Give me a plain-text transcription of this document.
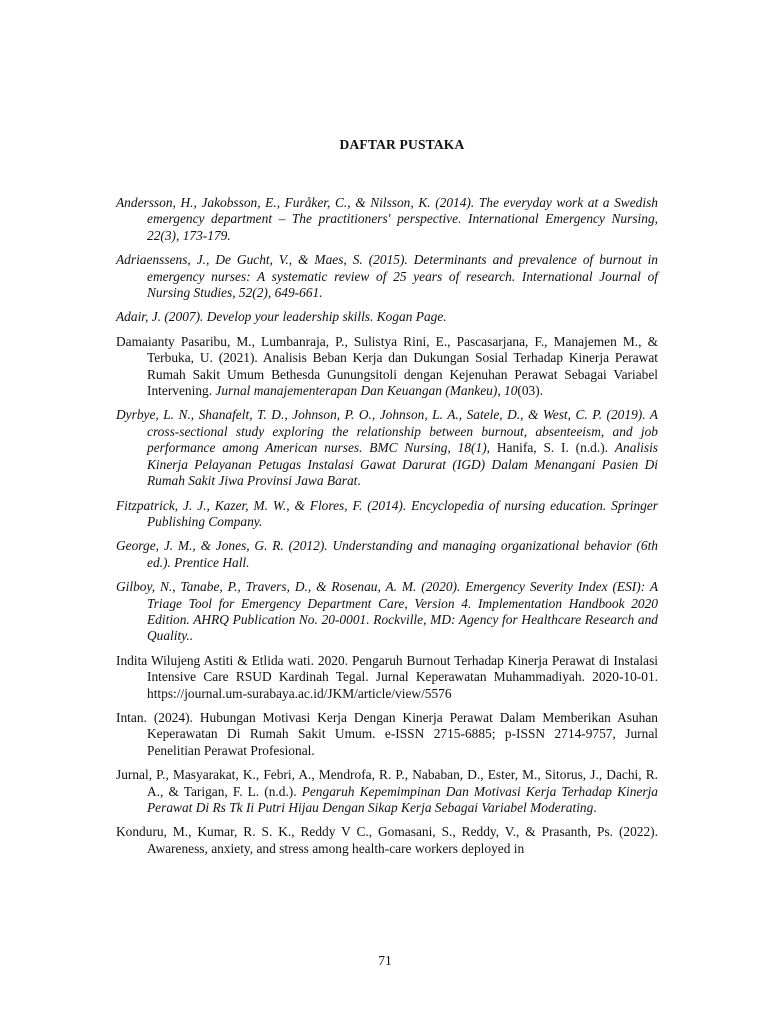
DAFTAR PUSTAKA

Andersson, H., Jakobsson, E., Furåker, C., & Nilsson, K. (2014). The everyday work at a Swedish emergency department – The practitioners' perspective. International Emergency Nursing, 22(3), 173-179.

Adriaenssens, J., De Gucht, V., & Maes, S. (2015). Determinants and prevalence of burnout in emergency nurses: A systematic review of 25 years of research. International Journal of Nursing Studies, 52(2), 649-661.

Adair, J. (2007). Develop your leadership skills. Kogan Page.

Damaianty Pasaribu, M., Lumbanraja, P., Sulistya Rini, E., Pascasarjana, F., Manajemen M., & Terbuka, U. (2021). Analisis Beban Kerja dan Dukungan Sosial Terhadap Kinerja Perawat Rumah Sakit Umum Bethesda Gunungsitoli dengan Kejenuhan Perawat Sebagai Variabel Intervening. Jurnal manajementerapan Dan Keuangan (Mankeu), 10(03).

Dyrbye, L. N., Shanafelt, T. D., Johnson, P. O., Johnson, L. A., Satele, D., & West, C. P. (2019). A cross-sectional study exploring the relationship between burnout, absenteeism, and job performance among American nurses. BMC Nursing, 18(1), Hanifa, S. I. (n.d.). Analisis Kinerja Pelayanan Petugas Instalasi Gawat Darurat (IGD) Dalam Menangani Pasien Di Rumah Sakit Jiwa Provinsi Jawa Barat.

Fitzpatrick, J. J., Kazer, M. W., & Flores, F. (2014). Encyclopedia of nursing education. Springer Publishing Company.

George, J. M., & Jones, G. R. (2012). Understanding and managing organizational behavior (6th ed.). Prentice Hall.

Gilboy, N., Tanabe, P., Travers, D., & Rosenau, A. M. (2020). Emergency Severity Index (ESI): A Triage Tool for Emergency Department Care, Version 4. Implementation Handbook 2020 Edition. AHRQ Publication No. 20-0001. Rockville, MD: Agency for Healthcare Research and Quality..

Indita Wilujeng Astiti & Etlida wati. 2020. Pengaruh Burnout Terhadap Kinerja Perawat di Instalasi Intensive Care RSUD Kardinah Tegal. Jurnal Keperawatan Muhammadiyah. 2020-10-01. https://journal.um-surabaya.ac.id/JKM/article/view/5576

Intan. (2024). Hubungan Motivasi Kerja Dengan Kinerja Perawat Dalam Memberikan Asuhan Keperawatan Di Rumah Sakit Umum. e-ISSN 2715-6885; p-ISSN 2714-9757, Jurnal Penelitian Perawat Profesional.

Jurnal, P., Masyarakat, K., Febri, A., Mendrofa, R. P., Nababan, D., Ester, M., Sitorus, J., Dachi, R. A., & Tarigan, F. L. (n.d.). Pengaruh Kepemimpinan Dan Motivasi Kerja Terhadap Kinerja Perawat Di Rs Tk Ii Putri Hijau Dengan Sikap Kerja Sebagai Variabel Moderating.

Konduru, M., Kumar, R. S. K., Reddy V C., Gomasani, S., Reddy, V., & Prasanth, Ps. (2022). Awareness, anxiety, and stress among health-care workers deployed in

71
